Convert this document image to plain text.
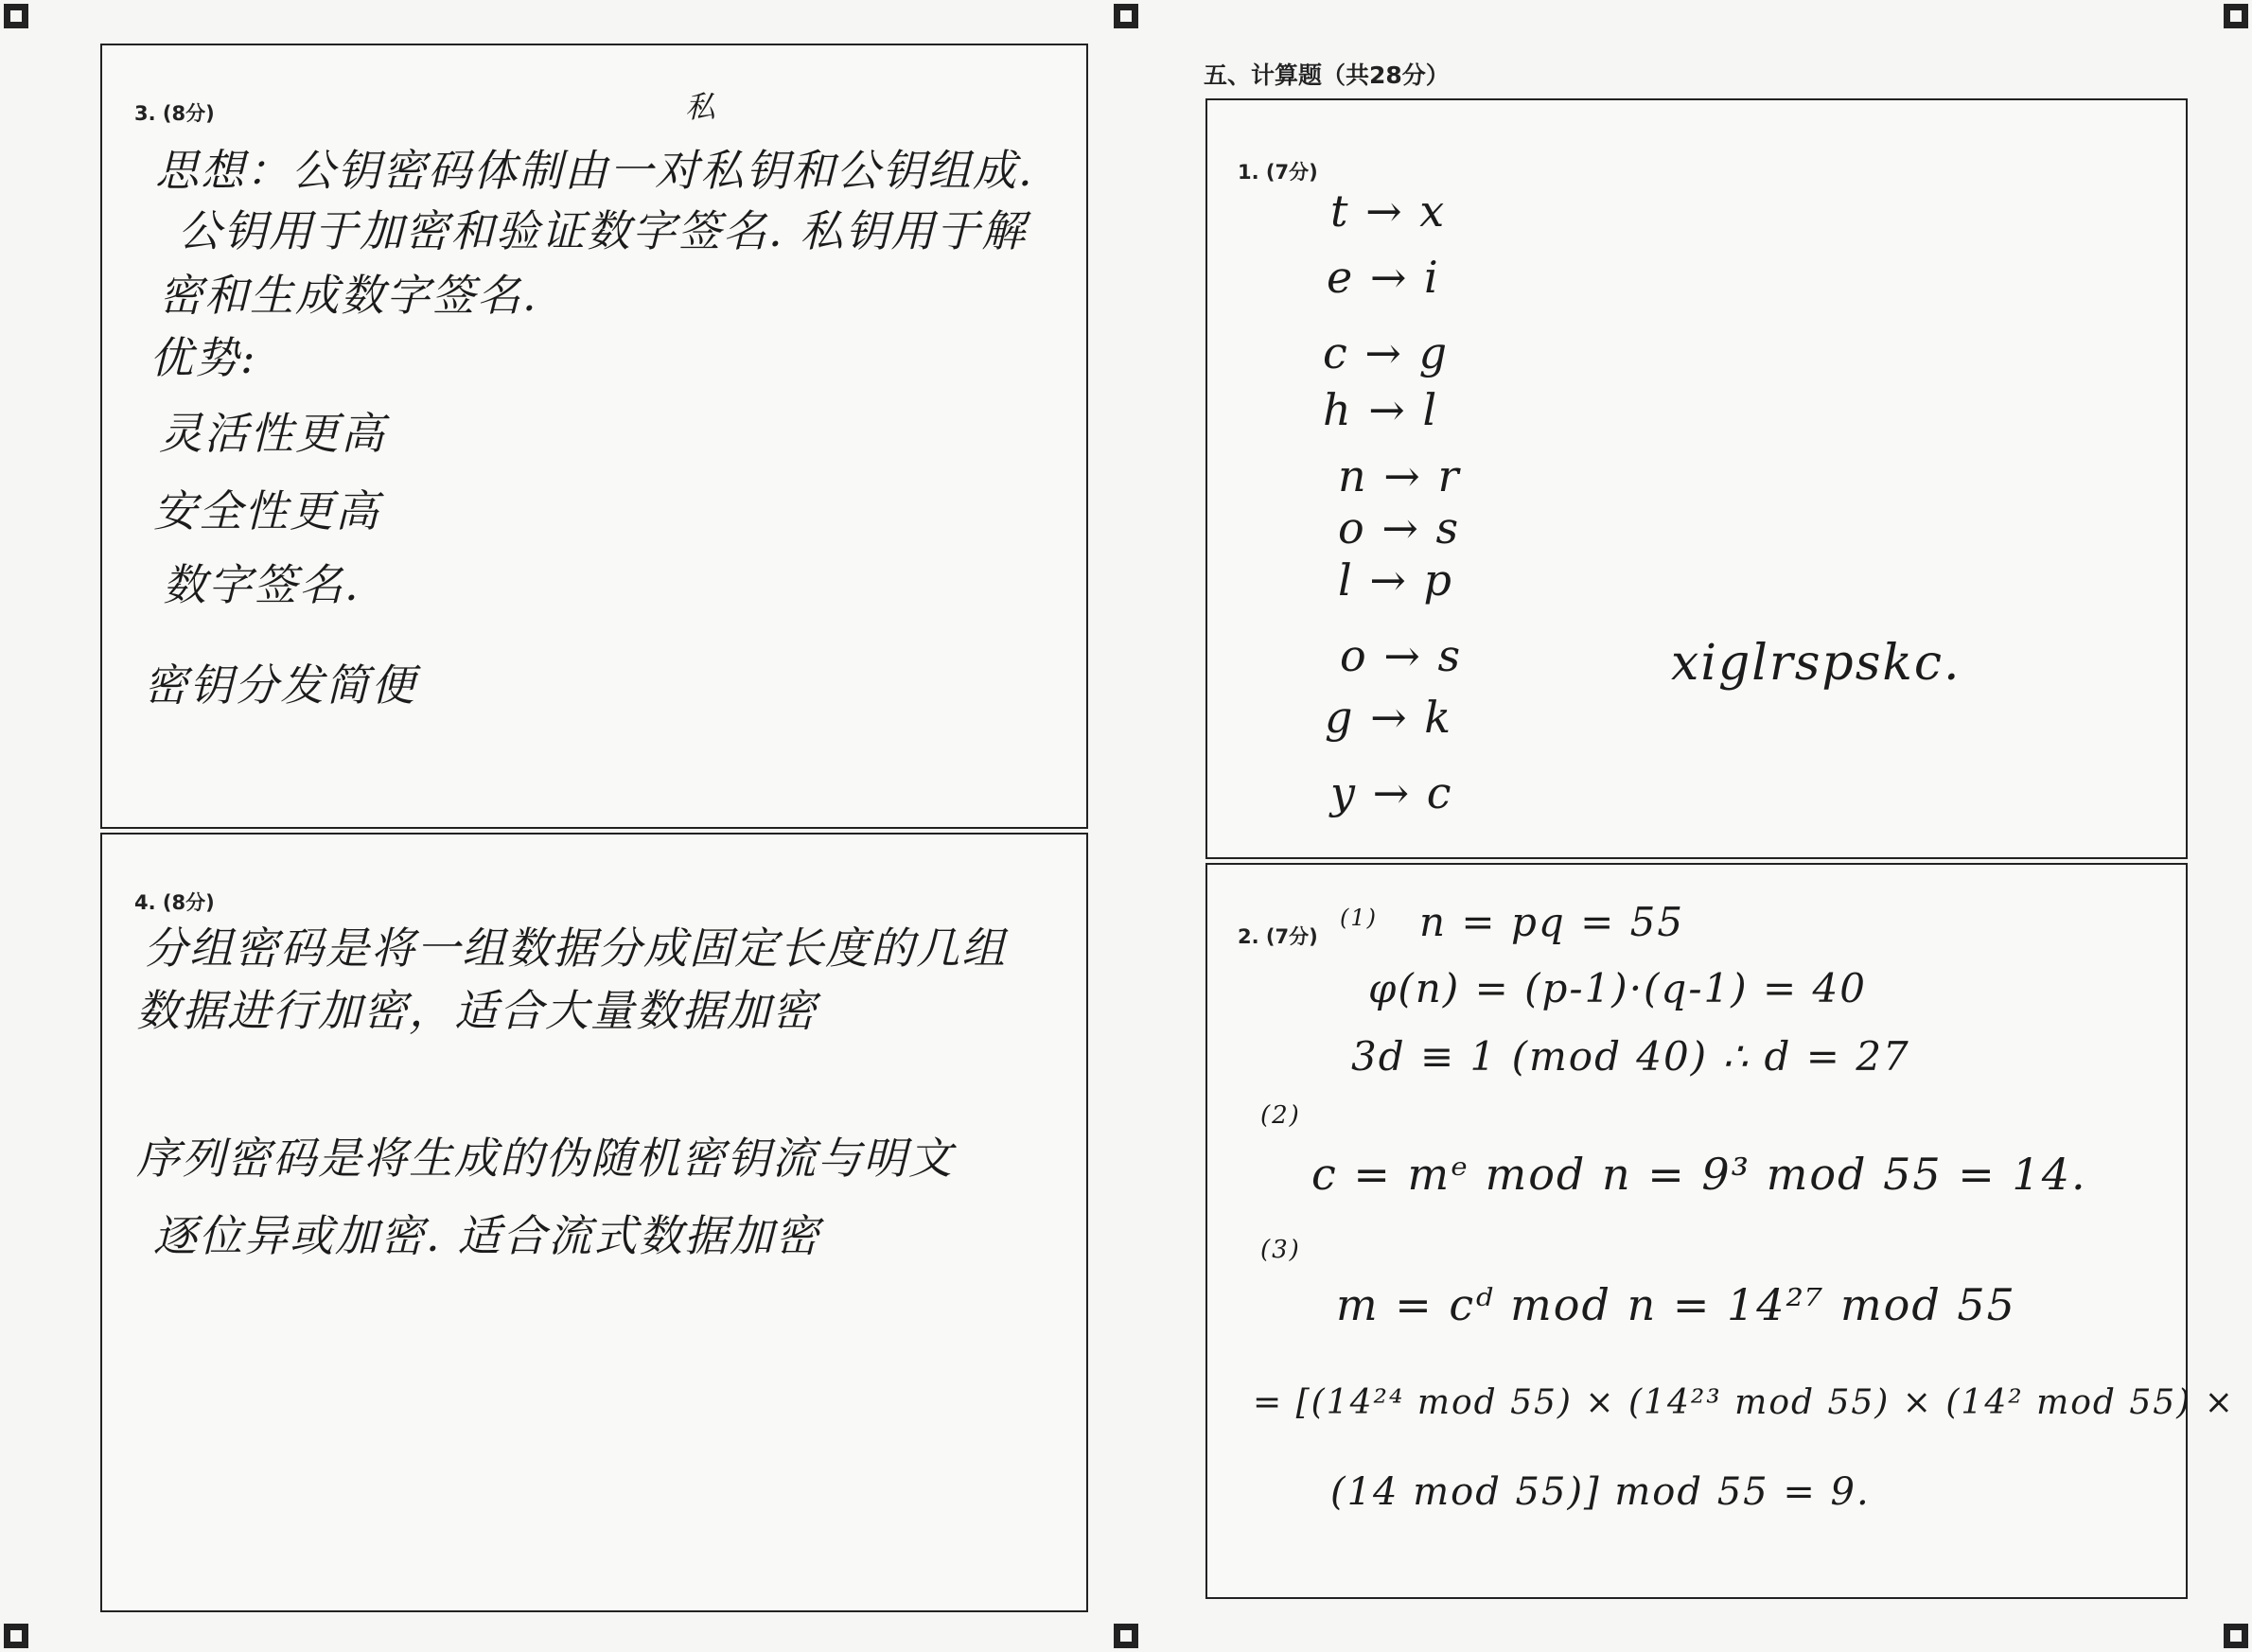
3. (8分)	私
思想：公钥密码体制由一对私钥和公钥组成.
公钥用于加密和验证数字签名. 私钥用于解
密和生成数字签名.
优势:
灵活性更高
安全性更高
数字签名.
密钥分发简便
4. (8分)
分组密码是将一组数据分成固定长度的几组
数据进行加密，适合大量数据加密
序列密码是将生成的伪随机密钥流与明文
逐位异或加密. 适合流式数据加密
五、计算题（共28分）
1. (7分)
t → x
e → i
c → g
h → l
n → r
o → s
l → p
o → s
g → k
y → c
xiglrspskc.
2. (7分)
(1) n = pq = 55
φ(n) = (p-1)·(q-1) = 40
3d ≡ 1 (mod 40) ∴ d = 27
(2)
c = mᵉ mod n = 9³ mod 55 = 14.
(3)
m = cᵈ mod n = 14²⁷ mod 55
= [(14²⁴ mod 55) × (14²³ mod 55) × (14² mod 55) ×
(14 mod 55)] mod 55 = 9.
